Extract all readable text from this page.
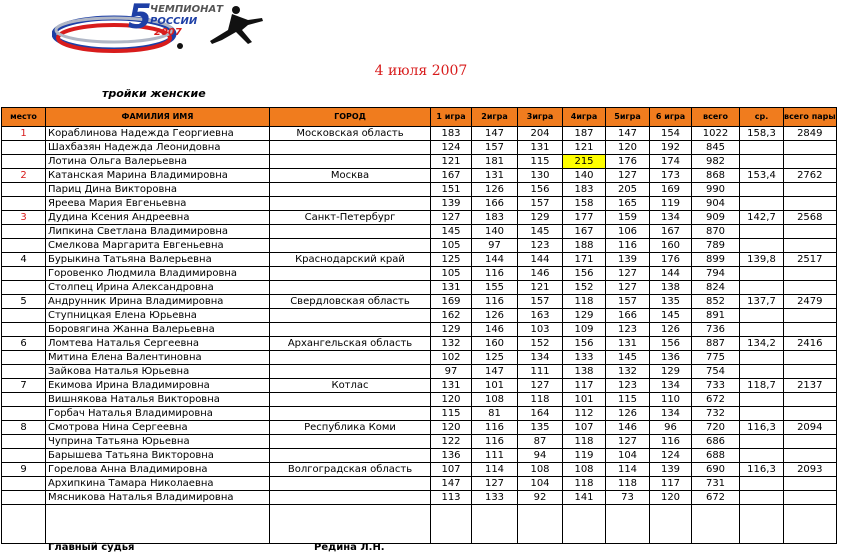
5
ЧЕМПИОНАТ
РОССИИ
2007
4 июля 2007
тройки женские
место	ФАМИЛИЯ ИМЯ	ГОРОД	1 игра	2игра	3игра	4игра	5игра	6 игра	всего	ср.	всего пары
1	Кораблинова Надежда Георгиевна	Московская область	183	147	204	187	147	154	1022	158,3	2849
	Шахбазян Надежда Леонидовна		124	157	131	121	120	192	845		
	Лотина Ольга Валерьевна		121	181	115	215	176	174	982		
2	Катанская Марина Владимировна	Москва	167	131	130	140	127	173	868	153,4	2762
	Париц Дина Викторовна		151	126	156	183	205	169	990		
	Яреева Мария Евгеньевна		139	166	157	158	165	119	904		
3	Дудина Ксения Андреевна	Санкт-Петербург	127	183	129	177	159	134	909	142,7	2568
	Липкина Светлана Владимировна		145	140	145	167	106	167	870		
	Смелкова Маргарита Евгеньевна		105	97	123	188	116	160	789		
4	Бурыкина Татьяна Валерьевна	Краснодарский край	125	144	144	171	139	176	899	139,8	2517
	Горовенко Людмила Владимировна		105	116	146	156	127	144	794		
	Столпец Ирина Александровна		131	155	121	152	127	138	824		
5	Андрунник Ирина Владимировна	Свердловская область	169	116	157	118	157	135	852	137,7	2479
	Ступницкая Елена Юрьевна		162	126	163	129	166	145	891		
	Боровягина Жанна Валерьевна		129	146	103	109	123	126	736		
6	Ломтева Наталья Сергеевна	Архангельская область	132	160	152	156	131	156	887	134,2	2416
	Митина Елена Валентиновна		102	125	134	133	145	136	775		
	Зайкова Наталья Юрьевна		97	147	111	138	132	129	754		
7	Екимова Ирина Владимировна	Котлас	131	101	127	117	123	134	733	118,7	2137
	Вишнякова Наталья Викторовна		120	108	118	101	115	110	672		
	Горбач Наталья Владимировна		115	81	164	112	126	134	732		
8	Смотрова Нина Сергеевна	Республика Коми	120	116	135	107	146	96	720	116,3	2094
	Чуприна Татьяна Юрьевна		122	116	87	118	127	116	686		
	Барышева Татьяна Викторовна		136	111	94	119	104	124	688		
9	Горелова Анна Владимировна	Волгоградская область	107	114	108	108	114	139	690	116,3	2093
	Архипкина Тамара Николаевна		147	127	104	118	118	117	731		
	Мясникова Наталья Владимировна		113	133	92	141	73	120	672		

Главный судья	Редина Л.Н.
